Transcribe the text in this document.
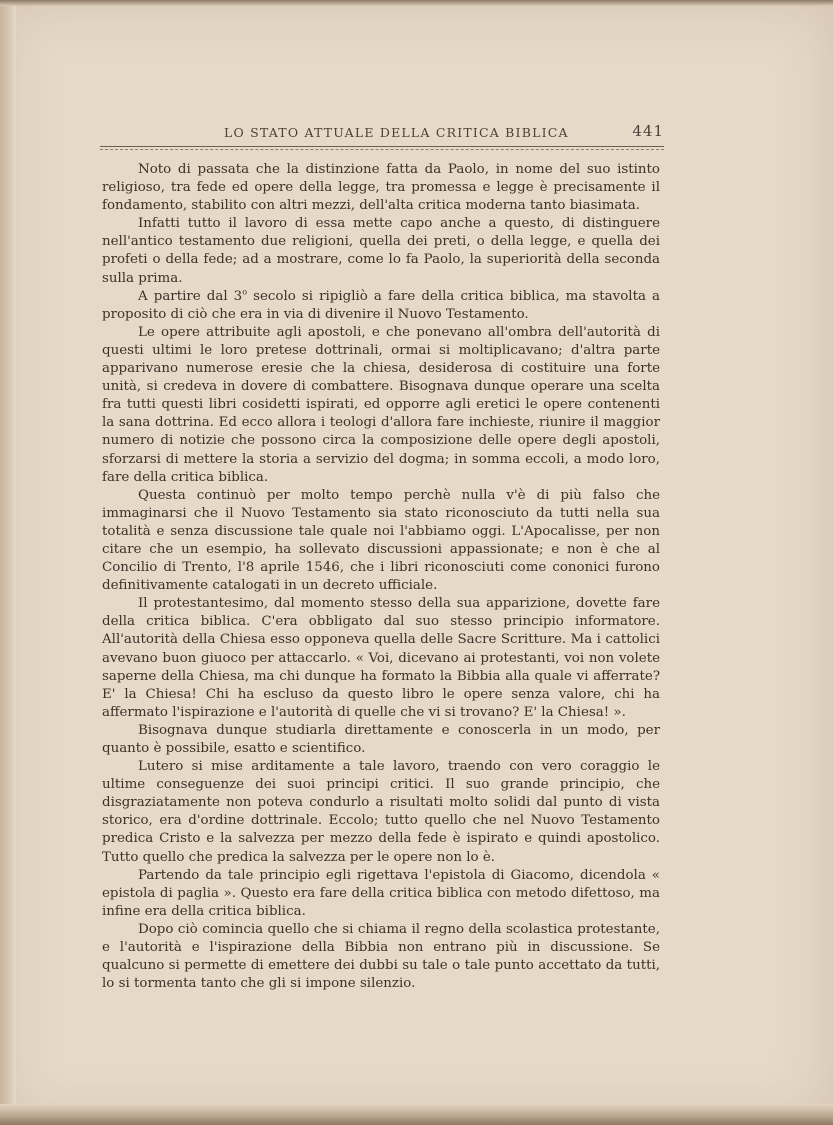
LO STATO ATTUALE DELLA CRITICA BIBLICA	441

Noto di passata che la distinzione fatta da Paolo, in nome del suo istinto religioso, tra fede ed opere della legge, tra promessa e legge è precisamente il fondamento, stabilito con altri mezzi, dell'alta critica moderna tanto biasimata.

Infatti tutto il lavoro di essa mette capo anche a questo, di distinguere nell'antico testamento due religioni, quella dei preti, o della legge, e quella dei profeti o della fede; ad a mostrare, come lo fa Paolo, la superiorità della seconda sulla prima.

A partire dal 3$^o$ secolo si ripigliò a fare della critica biblica, ma stavolta a proposito di ciò che era in via di divenire il Nuovo Testamento.

Le opere attribuite agli apostoli, e che ponevano all'ombra dell'autorità di questi ultimi le loro pretese dottrinali, ormai si moltiplicavano; d'altra parte apparivano numerose eresie che la chiesa, desiderosa di costituire una forte unità, si credeva in dovere di combattere. Bisognava dunque operare una scelta fra tutti questi libri cosidetti ispirati, ed opporre agli eretici le opere contenenti la sana dottrina. Ed ecco allora i teologi d'allora fare inchieste, riunire il maggior numero di notizie che possono circa la composizione delle opere degli apostoli, sforzarsi di mettere la storia a servizio del dogma; in somma eccoli, a modo loro, fare della critica biblica.

Questa continuò per molto tempo perchè nulla v'è di più falso che immaginarsi che il Nuovo Testamento sia stato riconosciuto da tutti nella sua totalità e senza discussione tale quale noi l'abbiamo oggi. L'Apocalisse, per non citare che un esempio, ha sollevato discussioni appassionate; e non è che al Concilio di Trento, l'8 aprile 1546, che i libri riconosciuti come cononici furono definitivamente catalogati in un decreto ufficiale.

Il protestantesimo, dal momento stesso della sua apparizione, dovette fare della critica biblica. C'era obbligato dal suo stesso principio informatore. All'autorità della Chiesa esso opponeva quella delle Sacre Scritture. Ma i cattolici avevano buon giuoco per attaccarlo. « Voi, dicevano ai protestanti, voi non volete saperne della Chiesa, ma chi dunque ha formato la Bibbia alla quale vi afferrate? E' la Chiesa! Chi ha escluso da questo libro le opere senza valore, chi ha affermato l'ispirazione e l'autorità di quelle che vi si trovano? E' la Chiesa! ».

Bisognava dunque studiarla direttamente e conoscerla in un modo, per quanto è possibile, esatto e scientifico.

Lutero si mise arditamente a tale lavoro, traendo con vero coraggio le ultime conseguenze dei suoi principi critici. Il suo grande principio, che disgraziatamente non poteva condurlo a risultati molto solidi dal punto di vista storico, era d'ordine dottrinale. Eccolo; tutto quello che nel Nuovo Testamento predica Cristo e la salvezza per mezzo della fede è ispirato e quindi apostolico. Tutto quello che predica la salvezza per le opere non lo è.

Partendo da tale principio egli rigettava l'epistola di Giacomo, dicendola « epistola di paglia ». Questo era fare della critica biblica con metodo difettoso, ma infine era della critica biblica.

Dopo ciò comincia quello che si chiama il regno della scolastica protestante, e l'autorità e l'ispirazione della Bibbia non entrano più in discussione. Se qualcuno si permette di emettere dei dubbi su tale o tale punto accettato da tutti, lo si tormenta tanto che gli si impone silenzio.
